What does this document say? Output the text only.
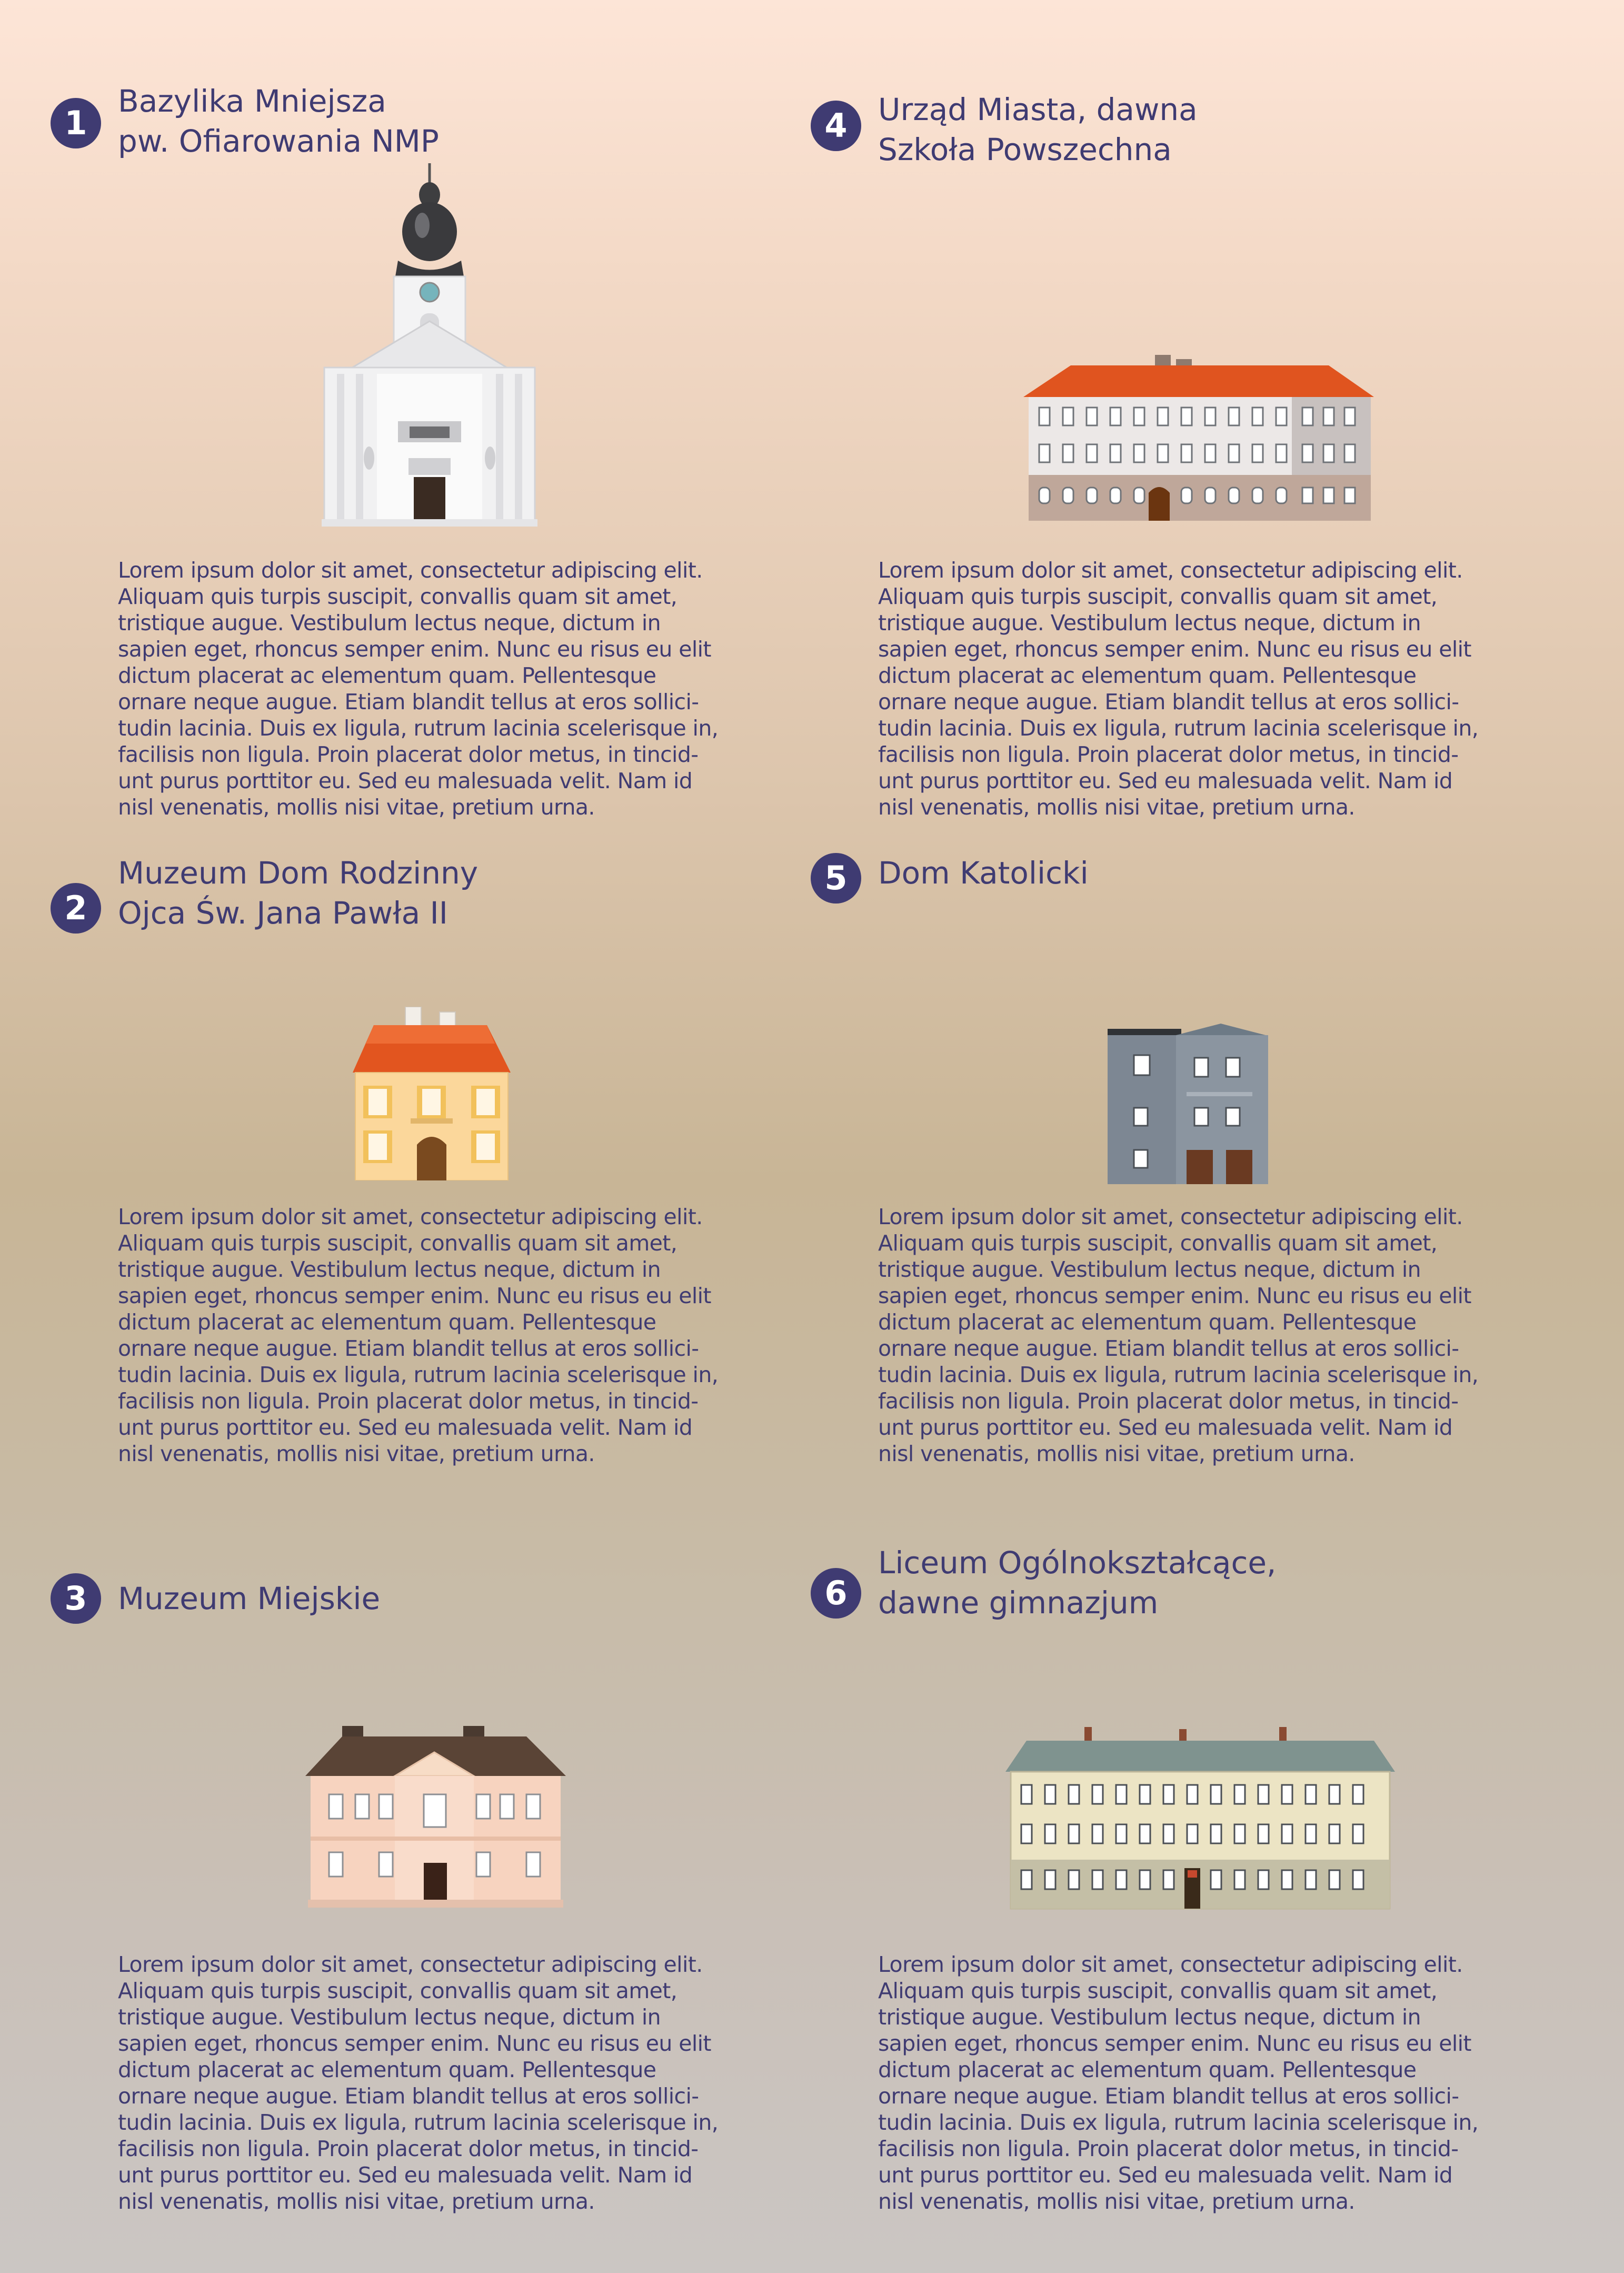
1
Bazylika Mniejsza
pw. Ofiarowania NMP

Lorem ipsum dolor sit amet, consectetur adipiscing elit.
Aliquam quis turpis suscipit, convallis quam sit amet,
tristique augue. Vestibulum lectus neque, dictum in
sapien eget, rhoncus semper enim. Nunc eu risus eu elit
dictum placerat ac elementum quam. Pellentesque
ornare neque augue. Etiam blandit tellus at eros sollici-
tudin lacinia. Duis ex ligula, rutrum lacinia scelerisque in,
facilisis non ligula. Proin placerat dolor metus, in tincid-
unt purus porttitor eu. Sed eu malesuada velit. Nam id
nisl venenatis, mollis nisi vitae, pretium urna.

2
Muzeum Dom Rodzinny
Ojca Św. Jana Pawła II

Lorem ipsum dolor sit amet, consectetur adipiscing elit.
Aliquam quis turpis suscipit, convallis quam sit amet,
tristique augue. Vestibulum lectus neque, dictum in
sapien eget, rhoncus semper enim. Nunc eu risus eu elit
dictum placerat ac elementum quam. Pellentesque
ornare neque augue. Etiam blandit tellus at eros sollici-
tudin lacinia. Duis ex ligula, rutrum lacinia scelerisque in,
facilisis non ligula. Proin placerat dolor metus, in tincid-
unt purus porttitor eu. Sed eu malesuada velit. Nam id
nisl venenatis, mollis nisi vitae, pretium urna.

3	Muzeum Miejskie

Lorem ipsum dolor sit amet, consectetur adipiscing elit.
Aliquam quis turpis suscipit, convallis quam sit amet,
tristique augue. Vestibulum lectus neque, dictum in
sapien eget, rhoncus semper enim. Nunc eu risus eu elit
dictum placerat ac elementum quam. Pellentesque
ornare neque augue. Etiam blandit tellus at eros sollici-
tudin lacinia. Duis ex ligula, rutrum lacinia scelerisque in,
facilisis non ligula. Proin placerat dolor metus, in tincid-
unt purus porttitor eu. Sed eu malesuada velit. Nam id
nisl venenatis, mollis nisi vitae, pretium urna.

4	Urząd Miasta, dawna
Szkoła Powszechna

Lorem ipsum dolor sit amet, consectetur adipiscing elit.
Aliquam quis turpis suscipit, convallis quam sit amet,
tristique augue. Vestibulum lectus neque, dictum in
sapien eget, rhoncus semper enim. Nunc eu risus eu elit
dictum placerat ac elementum quam. Pellentesque
ornare neque augue. Etiam blandit tellus at eros sollici-
tudin lacinia. Duis ex ligula, rutrum lacinia scelerisque in,
facilisis non ligula. Proin placerat dolor metus, in tincid-
unt purus porttitor eu. Sed eu malesuada velit. Nam id
nisl venenatis, mollis nisi vitae, pretium urna.

5	Dom Katolicki

Lorem ipsum dolor sit amet, consectetur adipiscing elit.
Aliquam quis turpis suscipit, convallis quam sit amet,
tristique augue. Vestibulum lectus neque, dictum in
sapien eget, rhoncus semper enim. Nunc eu risus eu elit
dictum placerat ac elementum quam. Pellentesque
ornare neque augue. Etiam blandit tellus at eros sollici-
tudin lacinia. Duis ex ligula, rutrum lacinia scelerisque in,
facilisis non ligula. Proin placerat dolor metus, in tincid-
unt purus porttitor eu. Sed eu malesuada velit. Nam id
nisl venenatis, mollis nisi vitae, pretium urna.

6
Liceum Ogólnokształcące,
dawne gimnazjum

Lorem ipsum dolor sit amet, consectetur adipiscing elit.
Aliquam quis turpis suscipit, convallis quam sit amet,
tristique augue. Vestibulum lectus neque, dictum in
sapien eget, rhoncus semper enim. Nunc eu risus eu elit
dictum placerat ac elementum quam. Pellentesque
ornare neque augue. Etiam blandit tellus at eros sollici-
tudin lacinia. Duis ex ligula, rutrum lacinia scelerisque in,
facilisis non ligula. Proin placerat dolor metus, in tincid-
unt purus porttitor eu. Sed eu malesuada velit. Nam id
nisl venenatis, mollis nisi vitae, pretium urna.
